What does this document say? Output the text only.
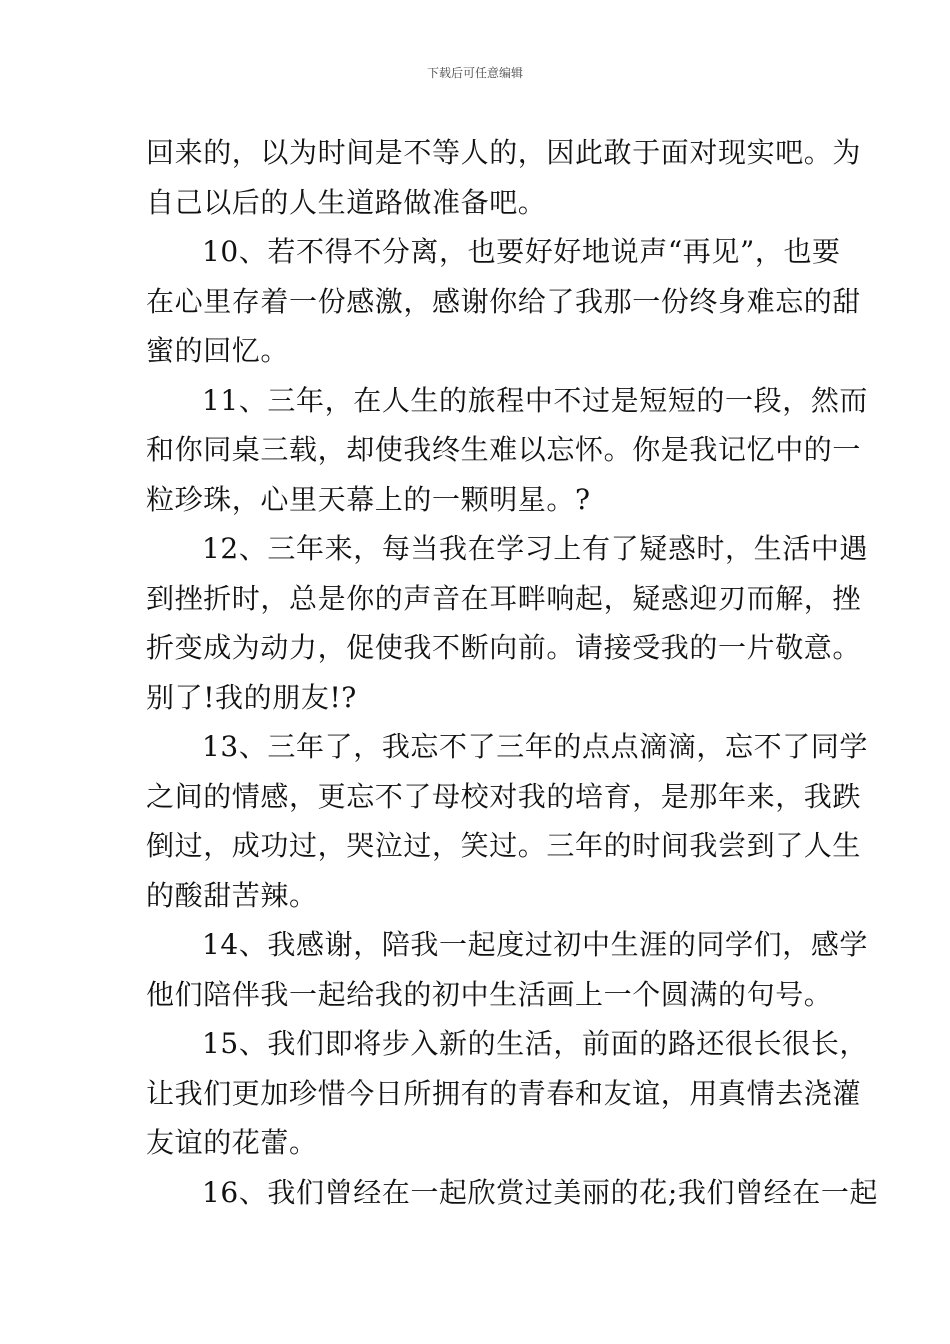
下载后可任意编辑

回来的，以为时间是不等人的，因此敢于面对现实吧。为
自己以后的人生道路做准备吧。

10、若不得不分离，也要好好地说声“再见”，也要
在心里存着一份感激，感谢你给了我那一份终身难忘的甜
蜜的回忆。

11、三年，在人生的旅程中不过是短短的一段，然而
和你同桌三载，却使我终生难以忘怀。你是我记忆中的一
粒珍珠，心里天幕上的一颗明星。?

12、三年来，每当我在学习上有了疑惑时，生活中遇
到挫折时，总是你的声音在耳畔响起，疑惑迎刃而解，挫
折变成为动力，促使我不断向前。请接受我的一片敬意。
别了!我的朋友!?

13、三年了，我忘不了三年的点点滴滴，忘不了同学
之间的情感，更忘不了母校对我的培育，是那年来，我跌
倒过，成功过，哭泣过，笑过。三年的时间我尝到了人生
的酸甜苦辣。

14、我感谢，陪我一起度过初中生涯的同学们，感学
他们陪伴我一起给我的初中生活画上一个圆满的句号。

15、我们即将步入新的生活，前面的路还很长很长，
让我们更加珍惜今日所拥有的青春和友谊，用真情去浇灌
友谊的花蕾。

16、我们曾经在一起欣赏过美丽的花;我们曾经在一起
